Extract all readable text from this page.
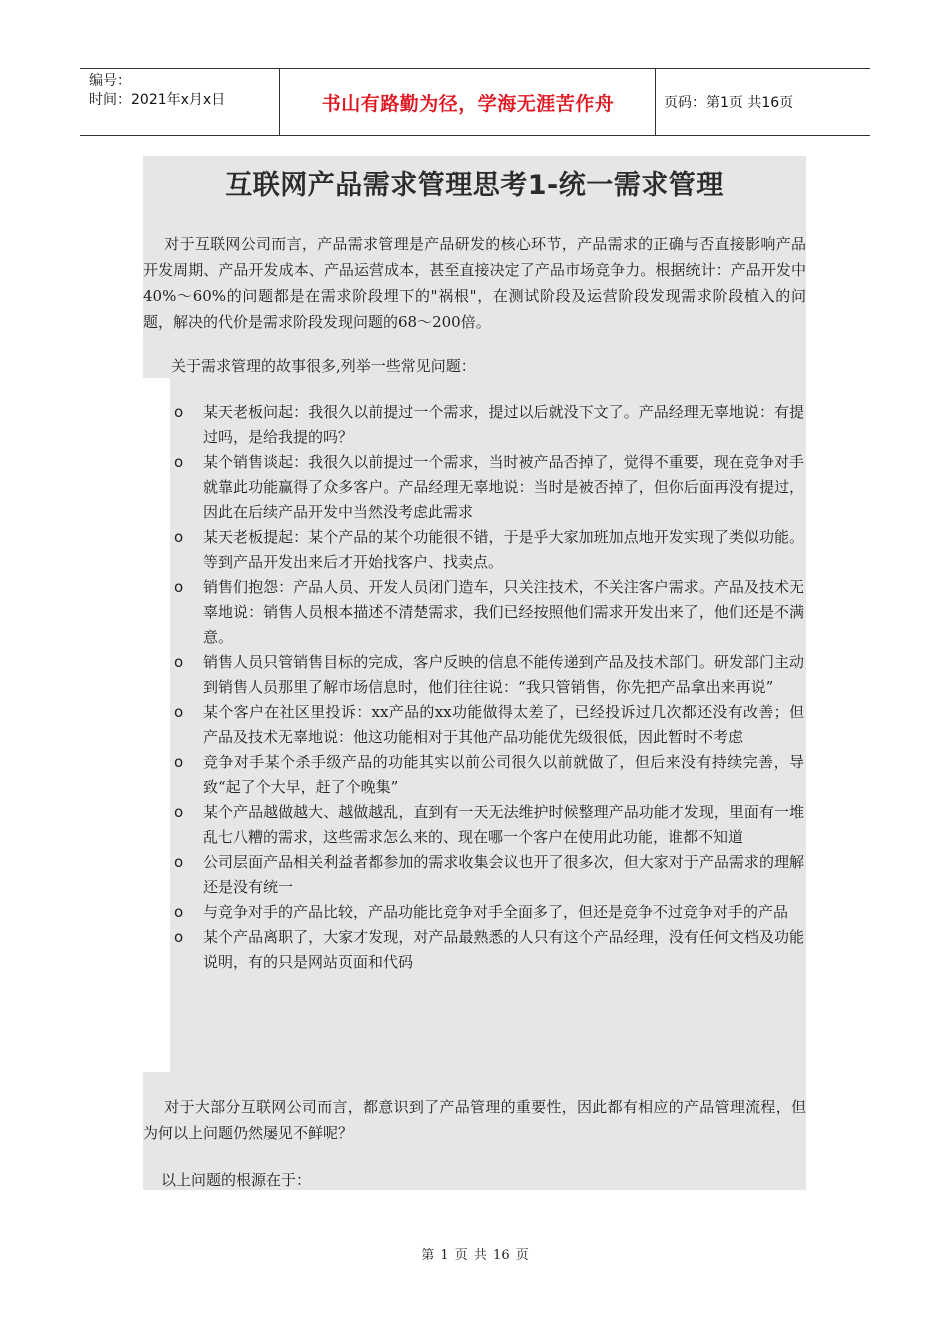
编号：
时间：2021年x月x日	书山有路勤为径，学海无涯苦作舟	页码：第1页 共16页
互联网产品需求管理思考1-统一需求管理

对于互联网公司而言，产品需求管理是产品研发的核心环节，产品需求的正确与否直接影响产品开发周期、产品开发成本、产品运营成本，甚至直接决定了产品市场竞争力。根据统计：产品开发中40%～60%的问题都是在需求阶段埋下的"祸根"，在测试阶段及运营阶段发现需求阶段植入的问题，解决的代价是需求阶段发现问题的68～200倍。

关于需求管理的故事很多,列举一些常见问题：

o 某天老板问起：我很久以前提过一个需求，提过以后就没下文了。产品经理无辜地说：有提过吗，是给我提的吗？
o 某个销售谈起：我很久以前提过一个需求，当时被产品否掉了，觉得不重要，现在竞争对手就靠此功能赢得了众多客户。产品经理无辜地说：当时是被否掉了，但你后面再没有提过，因此在后续产品开发中当然没考虑此需求
o 某天老板提起：某个产品的某个功能很不错，于是乎大家加班加点地开发实现了类似功能。等到产品开发出来后才开始找客户、找卖点。
o 销售们抱怨：产品人员、开发人员闭门造车，只关注技术，不关注客户需求。产品及技术无辜地说：销售人员根本描述不清楚需求，我们已经按照他们需求开发出来了，他们还是不满意。
o 销售人员只管销售目标的完成，客户反映的信息不能传递到产品及技术部门。研发部门主动到销售人员那里了解市场信息时，他们往往说：“我只管销售，你先把产品拿出来再说”
o 某个客户在社区里投诉：xx产品的xx功能做得太差了，已经投诉过几次都还没有改善；但产品及技术无辜地说：他这功能相对于其他产品功能优先级很低，因此暂时不考虑
o 竞争对手某个杀手级产品的功能其实以前公司很久以前就做了，但后来没有持续完善，导致“起了个大早，赶了个晚集”
o 某个产品越做越大、越做越乱，直到有一天无法维护时候整理产品功能才发现，里面有一堆乱七八糟的需求，这些需求怎么来的、现在哪一个客户在使用此功能，谁都不知道
o 公司层面产品相关利益者都参加的需求收集会议也开了很多次，但大家对于产品需求的理解还是没有统一
o 与竞争对手的产品比较，产品功能比竞争对手全面多了，但还是竞争不过竞争对手的产品
o 某个产品离职了，大家才发现，对产品最熟悉的人只有这个产品经理，没有任何文档及功能说明，有的只是网站页面和代码

对于大部分互联网公司而言，都意识到了产品管理的重要性，因此都有相应的产品管理流程，但为何以上问题仍然屡见不鲜呢？

以上问题的根源在于：

第 1 页 共 16 页
